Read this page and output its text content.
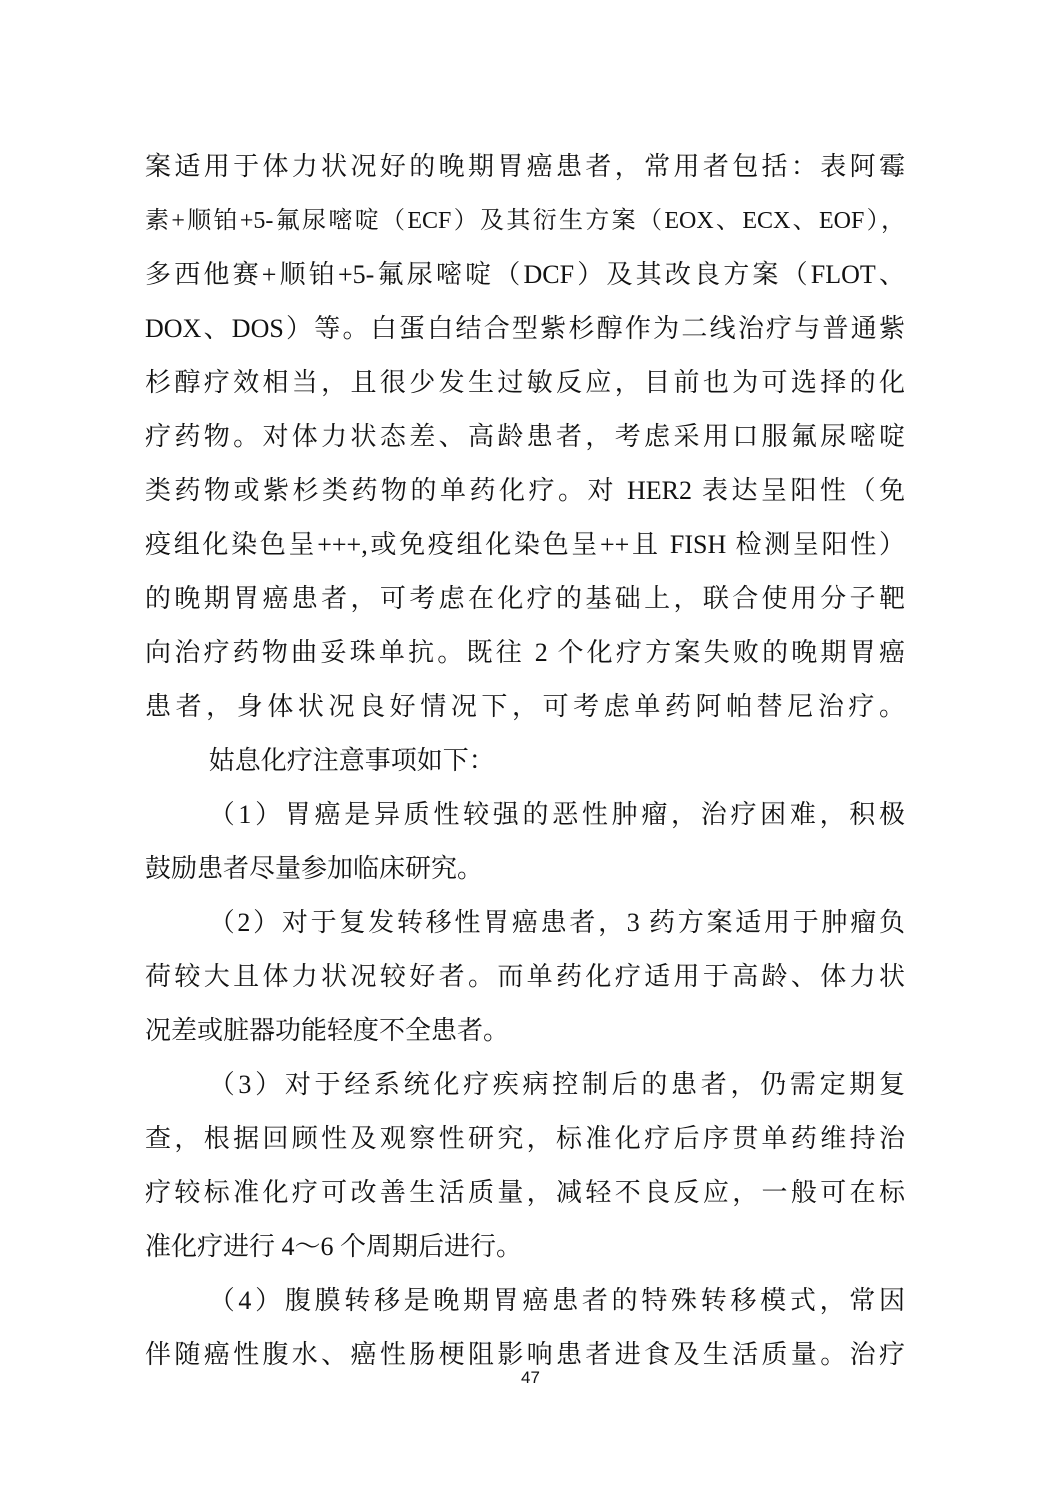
案适用于体力状况好的晚期胃癌患者，常用者包括：表阿霉
素+顺铂+5-氟尿嘧啶（ECF）及其衍生方案（EOX、ECX、EOF），
多西他赛+顺铂+5-氟尿嘧啶（DCF）及其改良方案（FLOT、
DOX、DOS）等。白蛋白结合型紫杉醇作为二线治疗与普通紫
杉醇疗效相当，且很少发生过敏反应，目前也为可选择的化
疗药物。对体力状态差、高龄患者，考虑采用口服氟尿嘧啶
类药物或紫杉类药物的单药化疗。对 HER2 表达呈阳性（免
疫组化染色呈+++,或免疫组化染色呈++且 FISH 检测呈阳性）
的晚期胃癌患者，可考虑在化疗的基础上，联合使用分子靶
向治疗药物曲妥珠单抗。既往 2 个化疗方案失败的晚期胃癌
患者，身体状况良好情况下，可考虑单药阿帕替尼治疗。
姑息化疗注意事项如下：
（1）胃癌是异质性较强的恶性肿瘤，治疗困难，积极
鼓励患者尽量参加临床研究。
（2）对于复发转移性胃癌患者，3 药方案适用于肿瘤负
荷较大且体力状况较好者。而单药化疗适用于高龄、体力状
况差或脏器功能轻度不全患者。
（3）对于经系统化疗疾病控制后的患者，仍需定期复
查，根据回顾性及观察性研究，标准化疗后序贯单药维持治
疗较标准化疗可改善生活质量，减轻不良反应，一般可在标
准化疗进行 4～6 个周期后进行。
（4）腹膜转移是晚期胃癌患者的特殊转移模式，常因
伴随癌性腹水、癌性肠梗阻影响患者进食及生活质量。治疗
47
